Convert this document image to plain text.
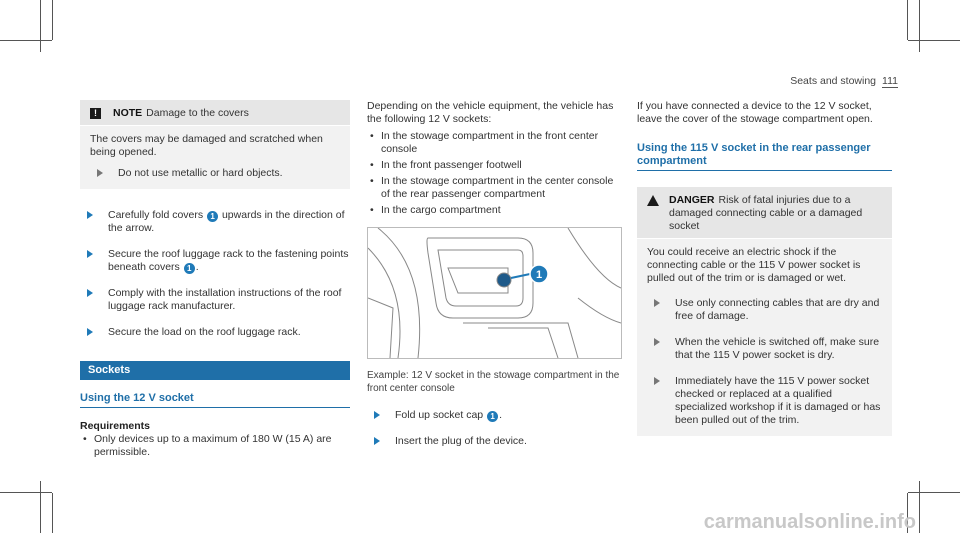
Seats and stowing 111
!	NOTE Damage to the covers

The covers may be damaged and scratched when being opened.

Do not use metallic or hard objects.
Carefully fold covers 1 upwards in the direction of the arrow.
Secure the roof luggage rack to the fastening points beneath covers 1 .
Comply with the installation instructions of the roof luggage rack manufacturer.
Secure the load on the roof luggage rack.
Sockets
Using the 12 V socket
Requirements
• Only devices up to a maximum of 180 W (15 A) are permissible.
Depending on the vehicle equipment, the vehicle has the following 12 V sockets:
• In the stowage compartment in the front center console
• In the front passenger footwell
• In the stowage compartment in the center console of the rear passenger compartment
• In the cargo compartment
1
Example: 12 V socket in the stowage compartment in the front center console
Fold up socket cap 1 .
Insert the plug of the device.
If you have connected a device to the 12 V socket, leave the cover of the stowage compartment open.
Using the 115 V socket in the rear passenger compartment
DANGER Risk of fatal injuries due to a damaged connecting cable or a damaged socket

You could receive an electric shock if the connecting cable or the 115 V power socket is pulled out of the trim or is damaged or wet.

Use only connecting cables that are dry and free of damage.
When the vehicle is switched off, make sure that the 115 V power socket is dry.
Immediately have the 115 V power socket checked or replaced at a qualified specialized workshop if it is damaged or has been pulled out of the trim.
carmanualsonline.info
